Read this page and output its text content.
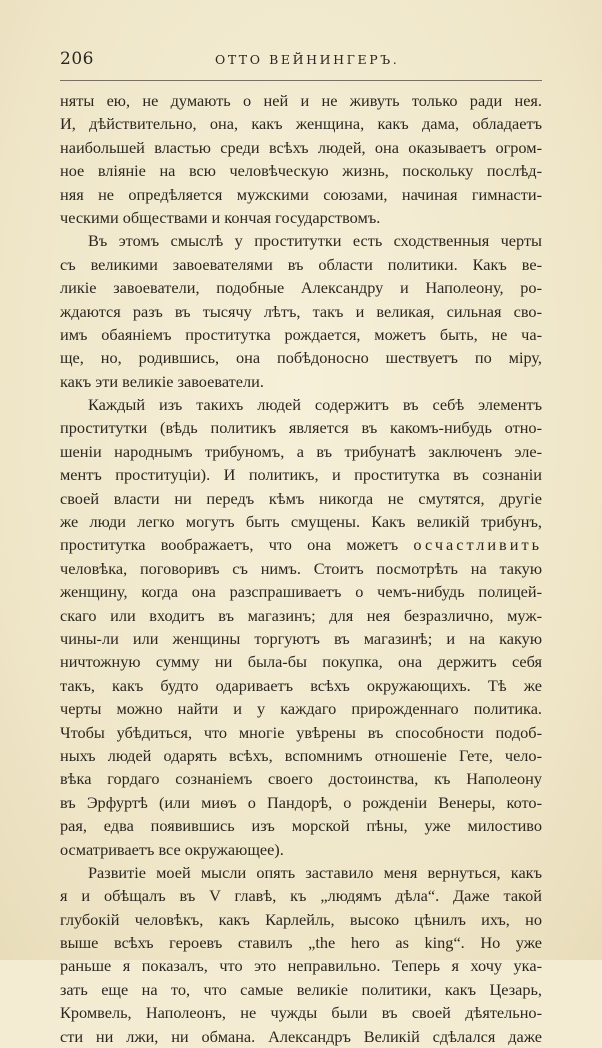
206	ОТТО ВЕЙНИНГЕРЪ.
няты ею, не думають о ней и не живуть только ради нея.
И, дѣйствительно, она, какъ женщина, какъ дама, обладаетъ
наибольшей властью среди всѣхъ людей, она оказываетъ огром-
ное вліяніе на всю человѣческую жизнь, поскольку послѣд-
няя не опредѣляется мужскими союзами, начиная гимнасти-
ческими обществами и кончая государствомъ.
Въ этомъ смыслѣ у проститутки есть сходственныя черты
съ великими завоевателями въ области политики. Какъ ве-
ликіе завоеватели, подобные Александру и Наполеону, ро-
ждаются разъ въ тысячу лѣтъ, такъ и великая, сильная сво-
имъ обаяніемъ проститутка рождается, можетъ быть, не ча-
ще, но, родившись, она побѣдоносно шествуетъ по міру,
какъ эти великіе завоеватели.
Каждый изъ такихъ людей содержитъ въ себѣ элементъ
проститутки (вѣдь политикъ является въ какомъ-нибудь отно-
шеніи народнымъ трибуномъ, а въ трибунатѣ заключенъ эле-
ментъ проституціи). И политикъ, и проститутка въ сознаніи
своей власти ни передъ кѣмъ никогда не смутятся, другіе
же люди легко могутъ быть смущены. Какъ великій трибунъ,
проститутка воображаетъ, что она можетъ осчастливить
человѣка, поговоривъ съ нимъ. Стоитъ посмотрѣть на такую
женщину, когда она разспрашиваетъ о чемъ-нибудь полицей-
скаго или входитъ въ магазинъ; для нея безразлично, муж-
чины-ли или женщины торгуютъ въ магазинѣ; и на какую
ничтожную сумму ни была-бы покупка, она держитъ себя
такъ, какъ будто одариваетъ всѣхъ окружающихъ. Тѣ же
черты можно найти и у каждаго прирожденнаго политика.
Чтобы убѣдиться, что многіе увѣрены въ способности подоб-
ныхъ людей одарять всѣхъ, вспомнимъ отношеніе Гете, чело-
вѣка гордаго сознаніемъ своего достоинства, къ Наполеону
въ Эрфуртѣ (или миѳъ о Пандорѣ, о рожденіи Венеры, кото-
рая, едва появившись изъ морской пѣны, уже милостиво
осматриваетъ все окружающее).
Развитіе моей мысли опять заставило меня вернуться, какъ
я и обѣщалъ въ V главѣ, къ „людямъ дѣла“. Даже такой
глубокій человѣкъ, какъ Карлейль, высоко цѣнилъ ихъ, но
выше всѣхъ героевъ ставилъ „the hero as king“. Но уже
раньше я показалъ, что это неправильно. Теперь я хочу ука-
зать еще на то, что самые великіе политики, какъ Цезарь,
Кромвель, Наполеонъ, не чужды были въ своей дѣятельно-
сти ни лжи, ни обмана. Александръ Великій сдѣлался даже
